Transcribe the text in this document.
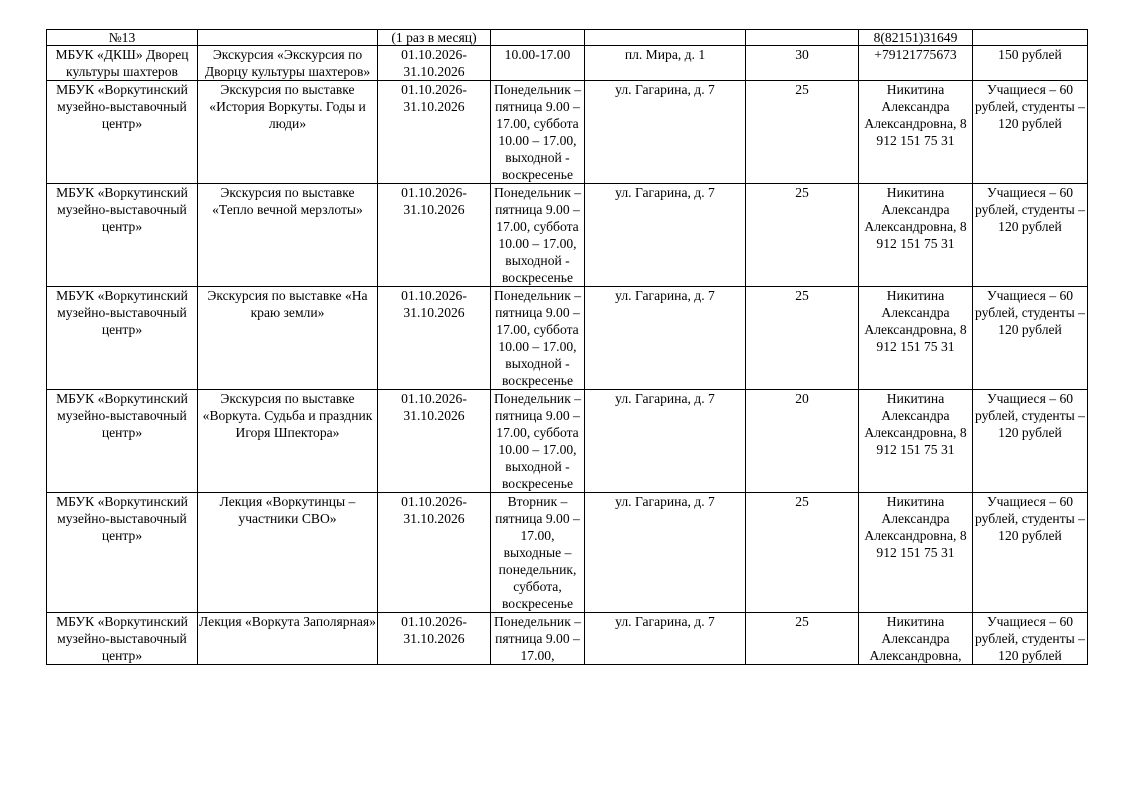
№13		(1 раз в месяц)				8(82151)31649	
МБУК «ДКШ» Дворец культуры шахтеров	Экскурсия «Экскурсия по Дворцу культуры шахтеров»	01.10.2026-31.10.2026	10.00-17.00	пл. Мира, д. 1	30	+79121775673	150 рублей
МБУК «Воркутинский музейно-выставочный центр»	Экскурсия по выставке «История Воркуты. Годы и люди»	01.10.2026-31.10.2026	Понедельник – пятница 9.00 – 17.00, суббота 10.00 – 17.00, выходной - воскресенье	ул. Гагарина, д. 7	25	Никитина Александра Александровна, 8 912 151 75 31	Учащиеся – 60 рублей, студенты – 120 рублей
МБУК «Воркутинский музейно-выставочный центр»	Экскурсия по выставке «Тепло вечной мерзлоты»	01.10.2026-31.10.2026	Понедельник – пятница 9.00 – 17.00, суббота 10.00 – 17.00, выходной - воскресенье	ул. Гагарина, д. 7	25	Никитина Александра Александровна, 8 912 151 75 31	Учащиеся – 60 рублей, студенты – 120 рублей
МБУК «Воркутинский музейно-выставочный центр»	Экскурсия по выставке «На краю земли»	01.10.2026-31.10.2026	Понедельник – пятница 9.00 – 17.00, суббота 10.00 – 17.00, выходной - воскресенье	ул. Гагарина, д. 7	25	Никитина Александра Александровна, 8 912 151 75 31	Учащиеся – 60 рублей, студенты – 120 рублей
МБУК «Воркутинский музейно-выставочный центр»	Экскурсия по выставке «Воркута. Судьба и праздник Игоря Шпектора»	01.10.2026-31.10.2026	Понедельник – пятница 9.00 – 17.00, суббота 10.00 – 17.00, выходной - воскресенье	ул. Гагарина, д. 7	20	Никитина Александра Александровна, 8 912 151 75 31	Учащиеся – 60 рублей, студенты – 120 рублей
МБУК «Воркутинский музейно-выставочный центр»	Лекция «Воркутинцы – участники СВО»	01.10.2026-31.10.2026	Вторник – пятница 9.00 – 17.00, выходные – понедельник, суббота, воскресенье	ул. Гагарина, д. 7	25	Никитина Александра Александровна, 8 912 151 75 31	Учащиеся – 60 рублей, студенты – 120 рублей
МБУК «Воркутинский музейно-выставочный центр»	Лекция «Воркута Заполярная»	01.10.2026-31.10.2026	Понедельник – пятница 9.00 – 17.00,	ул. Гагарина, д. 7	25	Никитина Александра Александровна,	Учащиеся – 60 рублей, студенты – 120 рублей
